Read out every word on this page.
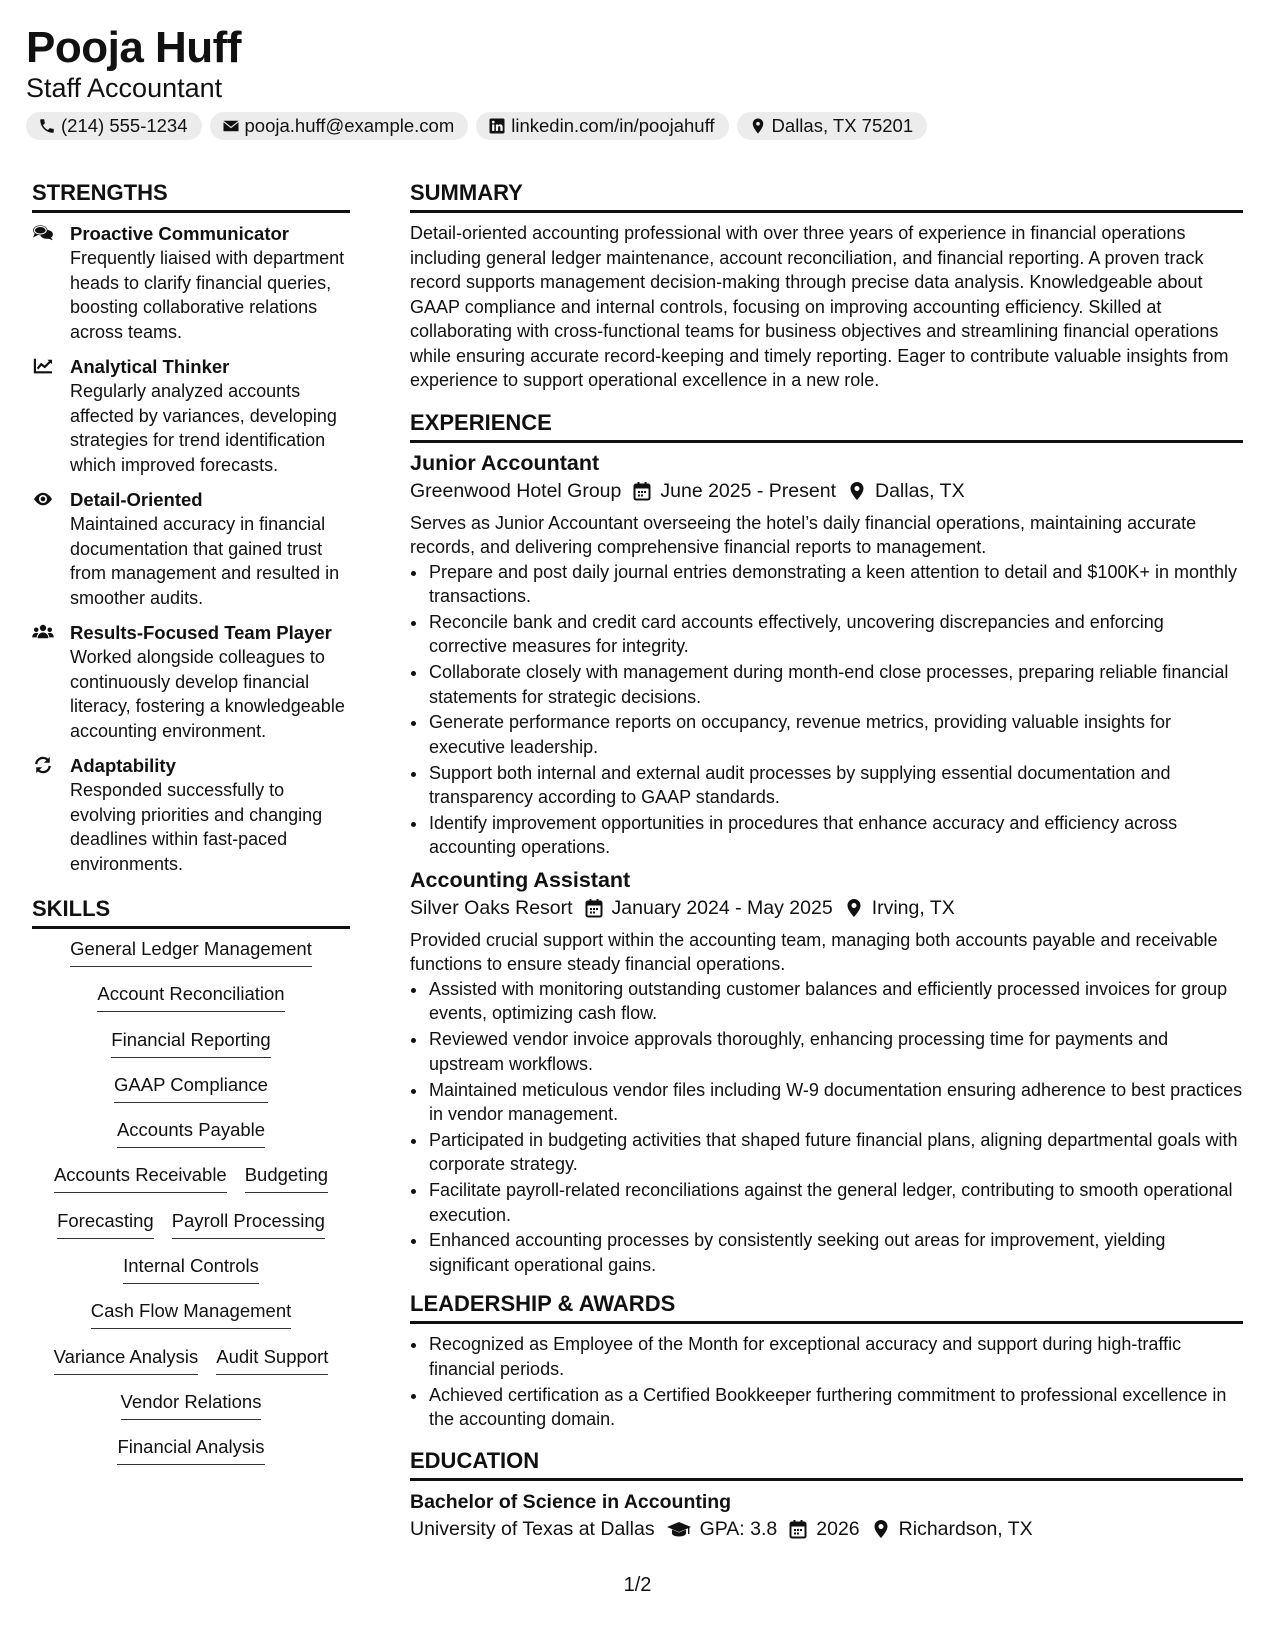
Pooja Huff
Staff Accountant
(214) 555-1234	pooja.huff@example.com	linkedin.com/in/poojahuff	Dallas, TX 75201
STRENGTHS
Proactive Communicator
Frequently liaised with department heads to clarify financial queries, boosting collaborative relations across teams.
Analytical Thinker
Regularly analyzed accounts affected by variances, developing strategies for trend identification which improved forecasts.
Detail-Oriented
Maintained accuracy in financial documentation that gained trust from management and resulted in smoother audits.
Results-Focused Team Player
Worked alongside colleagues to continuously develop financial literacy, fostering a knowledgeable accounting environment.
Adaptability
Responded successfully to evolving priorities and changing deadlines within fast-paced environments.
SKILLS
General Ledger Management
Account Reconciliation
Financial Reporting
GAAP Compliance
Accounts Payable
Accounts Receivable Budgeting
Forecasting Payroll Processing
Internal Controls
Cash Flow Management
Variance Analysis Audit Support
Vendor Relations
Financial Analysis
SUMMARY
Detail-oriented accounting professional with over three years of experience in financial operations including general ledger maintenance, account reconciliation, and financial reporting. A proven track record supports management decision-making through precise data analysis. Knowledgeable about GAAP compliance and internal controls, focusing on improving accounting efficiency. Skilled at collaborating with cross-functional teams for business objectives and streamlining financial operations while ensuring accurate record-keeping and timely reporting. Eager to contribute valuable insights from experience to support operational excellence in a new role.
EXPERIENCE
Junior Accountant
Greenwood Hotel Group June 2025 - Present Dallas, TX
Serves as Junior Accountant overseeing the hotel’s daily financial operations, maintaining accurate records, and delivering comprehensive financial reports to management.
• Prepare and post daily journal entries demonstrating a keen attention to detail and $100K+ in monthly transactions.
• Reconcile bank and credit card accounts effectively, uncovering discrepancies and enforcing corrective measures for integrity.
• Collaborate closely with management during month-end close processes, preparing reliable financial statements for strategic decisions.
• Generate performance reports on occupancy, revenue metrics, providing valuable insights for executive leadership.
• Support both internal and external audit processes by supplying essential documentation and transparency according to GAAP standards.
• Identify improvement opportunities in procedures that enhance accuracy and efficiency across accounting operations.
Accounting Assistant
Silver Oaks Resort January 2024 - May 2025 Irving, TX
Provided crucial support within the accounting team, managing both accounts payable and receivable functions to ensure steady financial operations.
• Assisted with monitoring outstanding customer balances and efficiently processed invoices for group events, optimizing cash flow.
• Reviewed vendor invoice approvals thoroughly, enhancing processing time for payments and upstream workflows.
• Maintained meticulous vendor files including W-9 documentation ensuring adherence to best practices in vendor management.
• Participated in budgeting activities that shaped future financial plans, aligning departmental goals with corporate strategy.
• Facilitate payroll-related reconciliations against the general ledger, contributing to smooth operational execution.
• Enhanced accounting processes by consistently seeking out areas for improvement, yielding significant operational gains.
LEADERSHIP & AWARDS
• Recognized as Employee of the Month for exceptional accuracy and support during high-traffic financial periods.
• Achieved certification as a Certified Bookkeeper furthering commitment to professional excellence in the accounting domain.
EDUCATION
Bachelor of Science in Accounting
University of Texas at Dallas GPA: 3.8 2026 Richardson, TX
1/2
